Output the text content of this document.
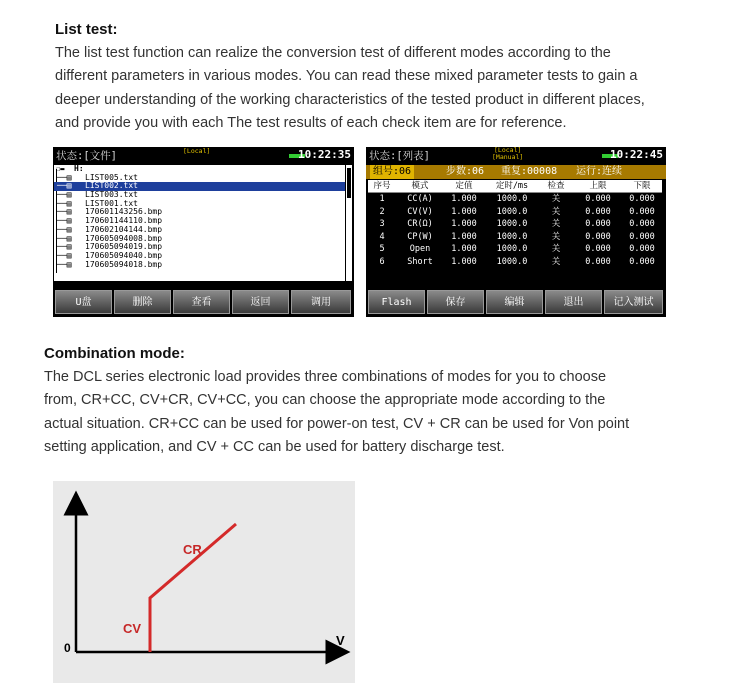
List test:
The list test function can realize the conversion test of different modes according to the
different parameters in various modes. You can read these mixed parameter tests to gain a
deeper understanding of the working characteristics of the tested product in different places,
and provide you with each The test results of each check item are for reference.
状态:[文件]	[Local]	10:22:35
☐▬ H:
──▤ LIST005.txt
──▤ LIST002.txt
──▤ LIST003.txt
──▤ LIST001.txt
──▤ 170601143256.bmp
──▤ 170601144110.bmp
──▤ 170602104144.bmp
──▤ 170605094008.bmp
──▤ 170605094019.bmp
──▤ 170605094040.bmp
──▤ 170605094018.bmp
U盘	删除	查看	返回	调用
状态:[列表]	[Local]
[Manual]	10:22:45
组号:06	步数:06 重复:00008 运行:连续
序号	模式	定值	定时/ms	检查	上限	下限
1	CC(A)	1.000	1000.0	关	0.000	0.000
2	CV(V)	1.000	1000.0	关	0.000	0.000
3	CR(Ω)	1.000	1000.0	关	0.000	0.000
4	CP(W)	1.000	1000.0	关	0.000	0.000
5	Open	1.000	1000.0	关	0.000	0.000
6	Short	1.000	1000.0	关	0.000	0.000
Flash	保存	编辑	退出	记入测试
Combination mode:
The DCL series electronic load provides three combinations of modes for you to choose
from, CR+CC, CV+CR, CV+CC, you can choose the appropriate mode according to the
actual situation. CR+CC can be used for power-on test, CV + CR can be used for Von point
setting application, and CV + CC can be used for battery discharge test.
0	V
CV
CR
